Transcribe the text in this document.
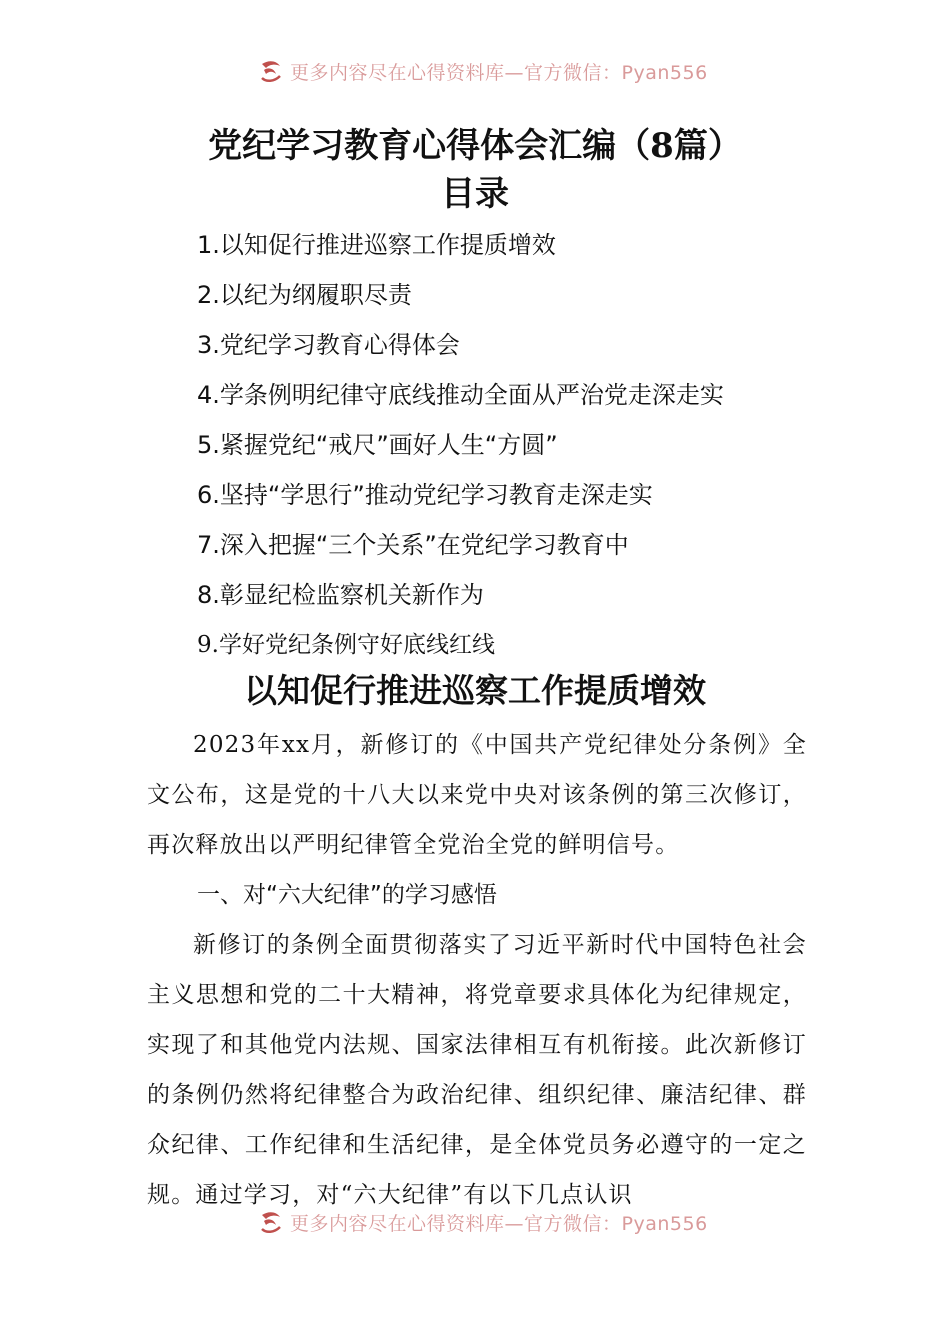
更多内容尽在心得资料库—官方微信：Pyan556
党纪学习教育心得体会汇编（8篇）
目录
1.以知促行推进巡察工作提质增效
2.以纪为纲履职尽责
3.党纪学习教育心得体会
4.学条例明纪律守底线推动全面从严治党走深走实
5.紧握党纪“戒尺”画好人生“方圆”
6.坚持“学思行”推动党纪学习教育走深走实
7.深入把握“三个关系”在党纪学习教育中
8.彰显纪检监察机关新作为
9.学好党纪条例守好底线红线
以知促行推进巡察工作提质增效

2023年xx月，新修订的《中国共产党纪律处分条例》全文公布，这是党的十八大以来党中央对该条例的第三次修订，再次释放出以严明纪律管全党治全党的鲜明信号。

一、对“六大纪律”的学习感悟

新修订的条例全面贯彻落实了习近平新时代中国特色社会主义思想和党的二十大精神，将党章要求具体化为纪律规定，实现了和其他党内法规、国家法律相互有机衔接。此次新修订的条例仍然将纪律整合为政治纪律、组织纪律、廉洁纪律、群众纪律、工作纪律和生活纪律，是全体党员务必遵守的一定之规。通过学习，对“六大纪律”有以下几点认识

更多内容尽在心得资料库—官方微信：Pyan556
